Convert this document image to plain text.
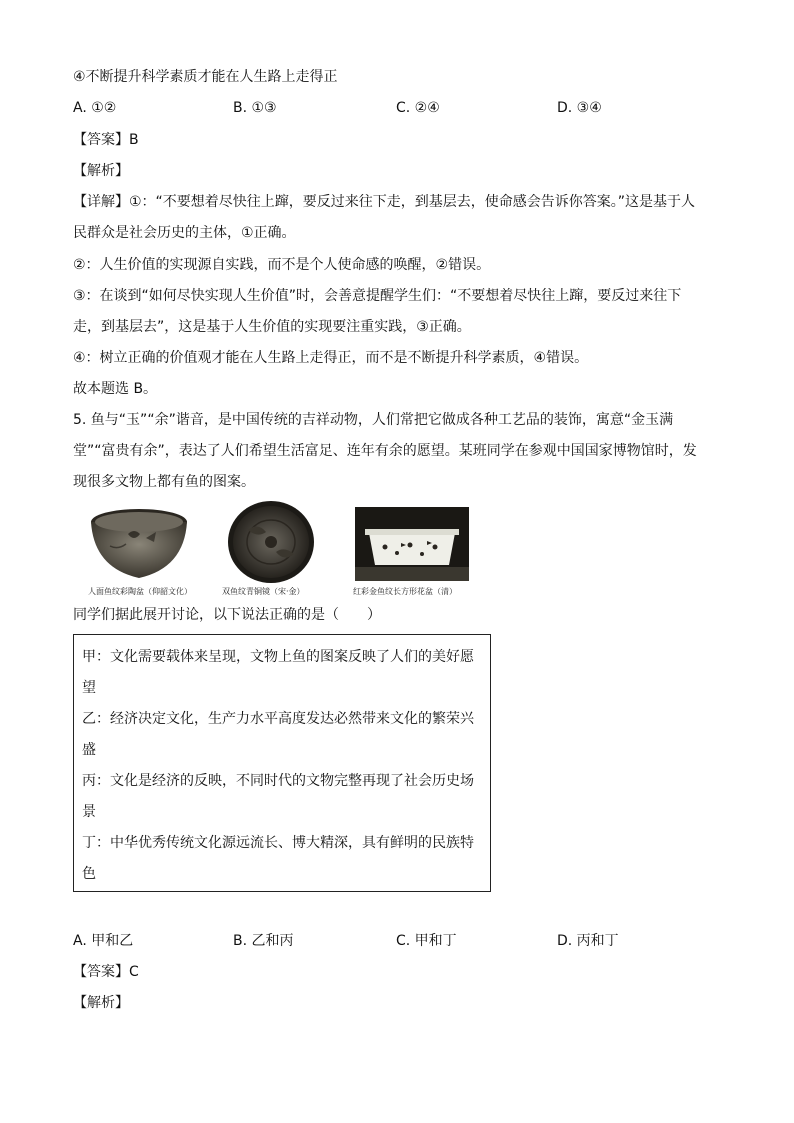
④不断提升科学素质才能在人生路上走得正
A. ①②	B. ①③	C. ②④	D. ③④
【答案】B
【解析】
【详解】①：“不要想着尽快往上蹿，要反过来往下走，到基层去，使命感会告诉你答案。”这是基于人
民群众是社会历史的主体，①正确。
②：人生价值的实现源自实践，而不是个人使命感的唤醒，②错误。
③：在谈到“如何尽快实现人生价值”时，会善意提醒学生们：“不要想着尽快往上蹿，要反过来往下
走，到基层去”，这是基于人生价值的实现要注重实践，③正确。
④：树立正确的价值观才能在人生路上走得正，而不是不断提升科学素质，④错误。
故本题选 B。
5. 鱼与“玉”“余”谐音，是中国传统的吉祥动物，人们常把它做成各种工艺品的装饰，寓意“金玉满
堂”“富贵有余”，表达了人们希望生活富足、连年有余的愿望。某班同学在参观中国国家博物馆时，发
现很多文物上都有鱼的图案。
人面鱼纹彩陶盆（仰韶文化）	双鱼纹青铜镜（宋·金）	红彩金鱼纹长方形花盆（清）
同学们据此展开讨论，以下说法正确的是（　　）
甲：文化需要载体来呈现，文物上鱼的图案反映了人们的美好愿
望
乙：经济决定文化，生产力水平高度发达必然带来文化的繁荣兴
盛
丙：文化是经济的反映，不同时代的文物完整再现了社会历史场
景
丁：中华优秀传统文化源远流长、博大精深，具有鲜明的民族特
色
A. 甲和乙	B. 乙和丙	C. 甲和丁	D. 丙和丁
【答案】C
【解析】
